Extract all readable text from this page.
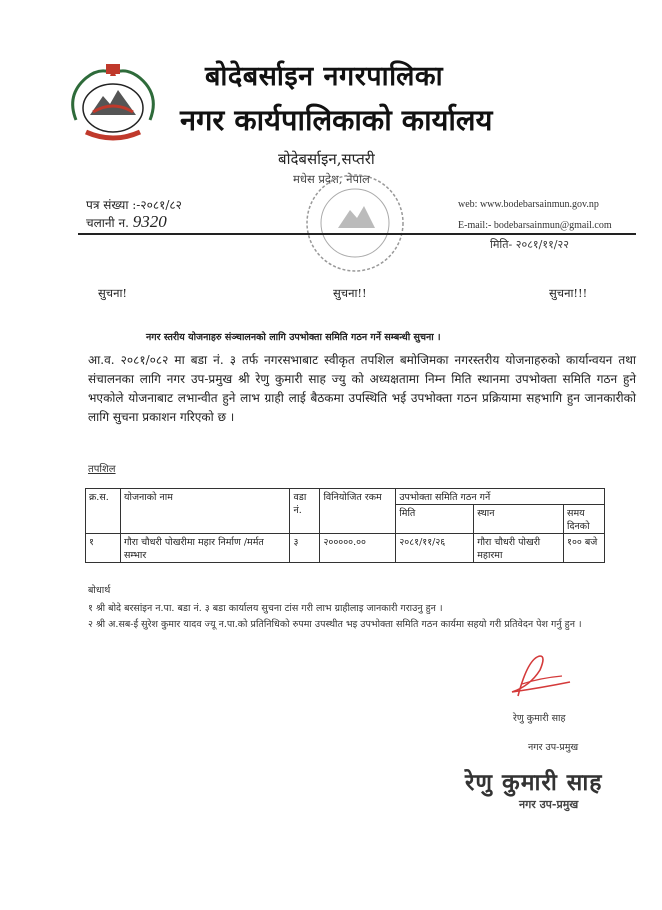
बोदेबर्साइन नगरपालिका
नगर कार्यपालिकाको कार्यालय
बोदेबर्साइन,सप्तरी
मधेस प्रदेश, नेपाल
पत्र संख्या :-२०८१/८२
चलानी न. 9320
web: www.bodebarsainmun.gov.np
E-mail:- bodebarsainmun@gmail.com
मिति- २०८१/११/२२
सुचना!	सुचना!!	सुचना!!!
नगर स्तरीय योजनाहरु संञ्चालनको लागि उपभोक्ता समिति गठन गर्ने सम्बन्धी सुचना ।
आ.व. २०८१/०८२ मा बडा नं. ३ तर्फ नगरसभाबाट स्वीकृत तपशिल बमोजिमका नगरस्तरीय योजनाहरुको कार्यान्वयन तथा संचालनका लागि नगर उप-प्रमुख श्री रेणु कुमारी साह ज्यु को अध्यक्षतामा निम्न मिति स्थानमा उपभोक्ता समिति गठन हुने भएकोले योजनाबाट लभान्वीत हुने लाभ ग्राही लाई बैठकमा उपस्थिति भई उपभोक्ता गठन प्रक्रियामा सहभागि हुन जानकारीको लागि सुचना प्रकाशन गरिएको छ ।
तपशिल
क्र.स.	योजनाको नाम	वडा नं.	विनियोजित रकम	उपभोक्ता समिति गठन गर्ने		
				मिति	स्थान	समय दिनको
१	गौरा चौधरी पोखरीमा महार निर्माण /मर्मत सम्भार	३	२०००००.००	२०८१/११/२६	गौरा चौधरी पोखरी महारमा	१०० बजे
बोधार्थ
१ श्री बोदे बरसांइन न.पा. बडा नं. ३ बडा कार्यालय सुचना टांस गरी लाभ ग्राहीलाइ जानकारी गराउनु हुन ।
२ श्री अ.सब-ई सुरेश कुमार यादव ज्यू न.पा.को प्रतिनिधिको रुपमा उपस्थीत भइ उपभोक्ता समिति गठन कार्यमा सहयो गरी प्रतिवेदन पेश गर्नु हुन ।
रेणु कुमारी साह
नगर उप-प्रमुख
रेणु कुमारी साह
नगर उप-प्रमुख
